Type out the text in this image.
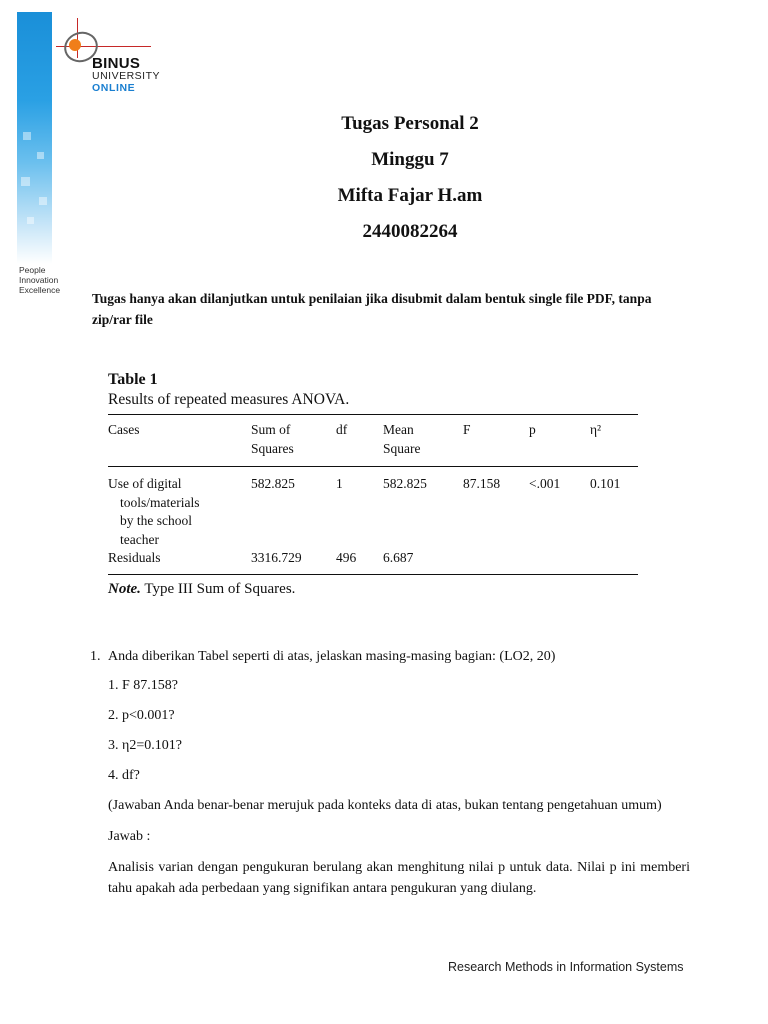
People
Innovation
Excellence
BINUS
UNIVERSITY
ONLINE
Tugas Personal 2
Minggu 7
Mifta Fajar H.am
2440082264
Tugas hanya akan dilanjutkan untuk penilaian jika disubmit dalam bentuk single file PDF, tanpa zip/rar file
Table 1
Results of repeated measures ANOVA.
Cases	Sum of Squares	df	Mean Square	F	p	η²
Use of digital
tools/materials
by the school
teacher	582.825	1	582.825	87.158	<.001	0.101
Residuals	3316.729	496	6.687			
Note. Type III Sum of Squares.
1. Anda diberikan Tabel seperti di atas, jelaskan masing-masing bagian: (LO2, 20)
1. F 87.158?
2. p<0.001?
3. η2=0.101?
4. df?
(Jawaban Anda benar-benar merujuk pada konteks data di atas, bukan tentang pengetahuan umum)
Jawab :
Analisis varian dengan pengukuran berulang akan menghitung nilai p untuk data. Nilai p ini memberi tahu apakah ada perbedaan yang signifikan antara pengukuran yang diulang.
Research Methods in Information Systems
